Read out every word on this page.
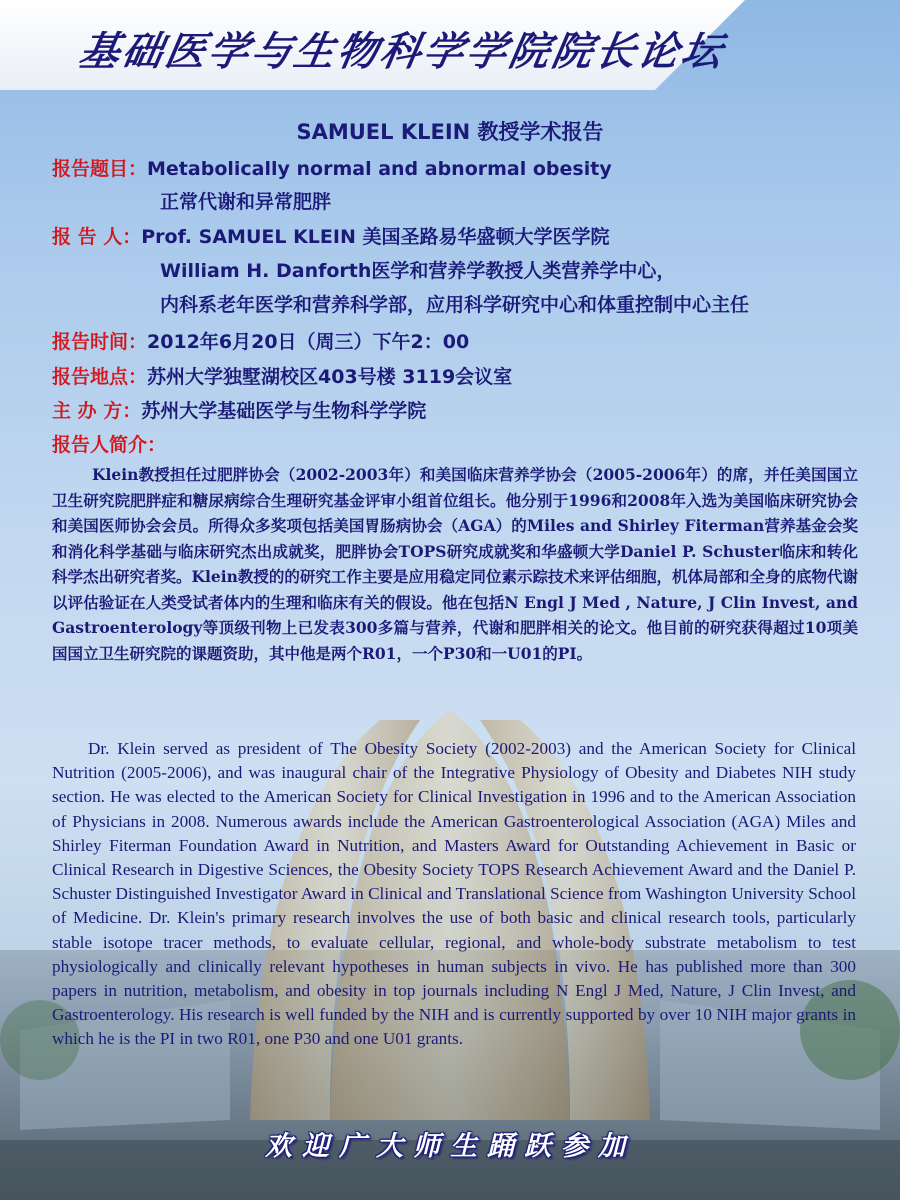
基础医学与生物科学学院院长论坛
SAMUEL KLEIN 教授学术报告
报告题目：Metabolically normal and abnormal obesity
正常代谢和异常肥胖
报 告 人：Prof. SAMUEL KLEIN 美国圣路易华盛顿大学医学院
William H. Danforth医学和营养学教授人类营养学中心，
内科系老年医学和营养科学部，应用科学研究中心和体重控制中心主任
报告时间：2012年6月20日（周三）下午2：00
报告地点：苏州大学独墅湖校区403号楼 3119会议室
主 办 方：苏州大学基础医学与生物科学学院
报告人简介：
Klein教授担任过肥胖协会（2002-2003年）和美国临床营养学协会（2005-2006年）的席，并任美国国立卫生研究院肥胖症和糖尿病综合生理研究基金评审小组首位组长。他分别于1996和2008年入选为美国临床研究协会和美国医师协会会员。所得众多奖项包括美国胃肠病协会（AGA）的Miles and Shirley Fiterman营养基金会奖和消化科学基础与临床研究杰出成就奖，肥胖协会TOPS研究成就奖和华盛顿大学Daniel P. Schuster临床和转化科学杰出研究者奖。Klein教授的的研究工作主要是应用稳定同位素示踪技术来评估细胞，机体局部和全身的底物代谢以评估验证在人类受试者体内的生理和临床有关的假设。他在包括N Engl J Med , Nature, J Clin Invest, and Gastroenterology等顶级刊物上已发表300多篇与营养，代谢和肥胖相关的论文。他目前的研究获得超过10项美国国立卫生研究院的课题资助，其中他是两个R01，一个P30和一U01的PI。
Dr. Klein served as president of The Obesity Society (2002-2003) and the American Society for Clinical Nutrition (2005-2006), and was inaugural chair of the Integrative Physiology of Obesity and Diabetes NIH study section. He was elected to the American Society for Clinical Investigation in 1996 and to the American Association of Physicians in 2008. Numerous awards include the American Gastroenterological Association (AGA) Miles and Shirley Fiterman Foundation Award in Nutrition, and Masters Award for Outstanding Achievement in Basic or Clinical Research in Digestive Sciences, the Obesity Society TOPS Research Achievement Award and the Daniel P. Schuster Distinguished Investigator Award in Clinical and Translational Science from Washington University School of Medicine. Dr. Klein's primary research involves the use of both basic and clinical research tools, particularly stable isotope tracer methods, to evaluate cellular, regional, and whole-body substrate metabolism to test physiologically and clinically relevant hypotheses in human subjects in vivo. He has published more than 300 papers in nutrition, metabolism, and obesity in top journals including N Engl J Med, Nature, J Clin Invest, and Gastroenterology. His research is well funded by the NIH and is currently supported by over 10 NIH major grants in which he is the PI in two R01, one P30 and one U01 grants.
欢迎广大师生踊跃参加
